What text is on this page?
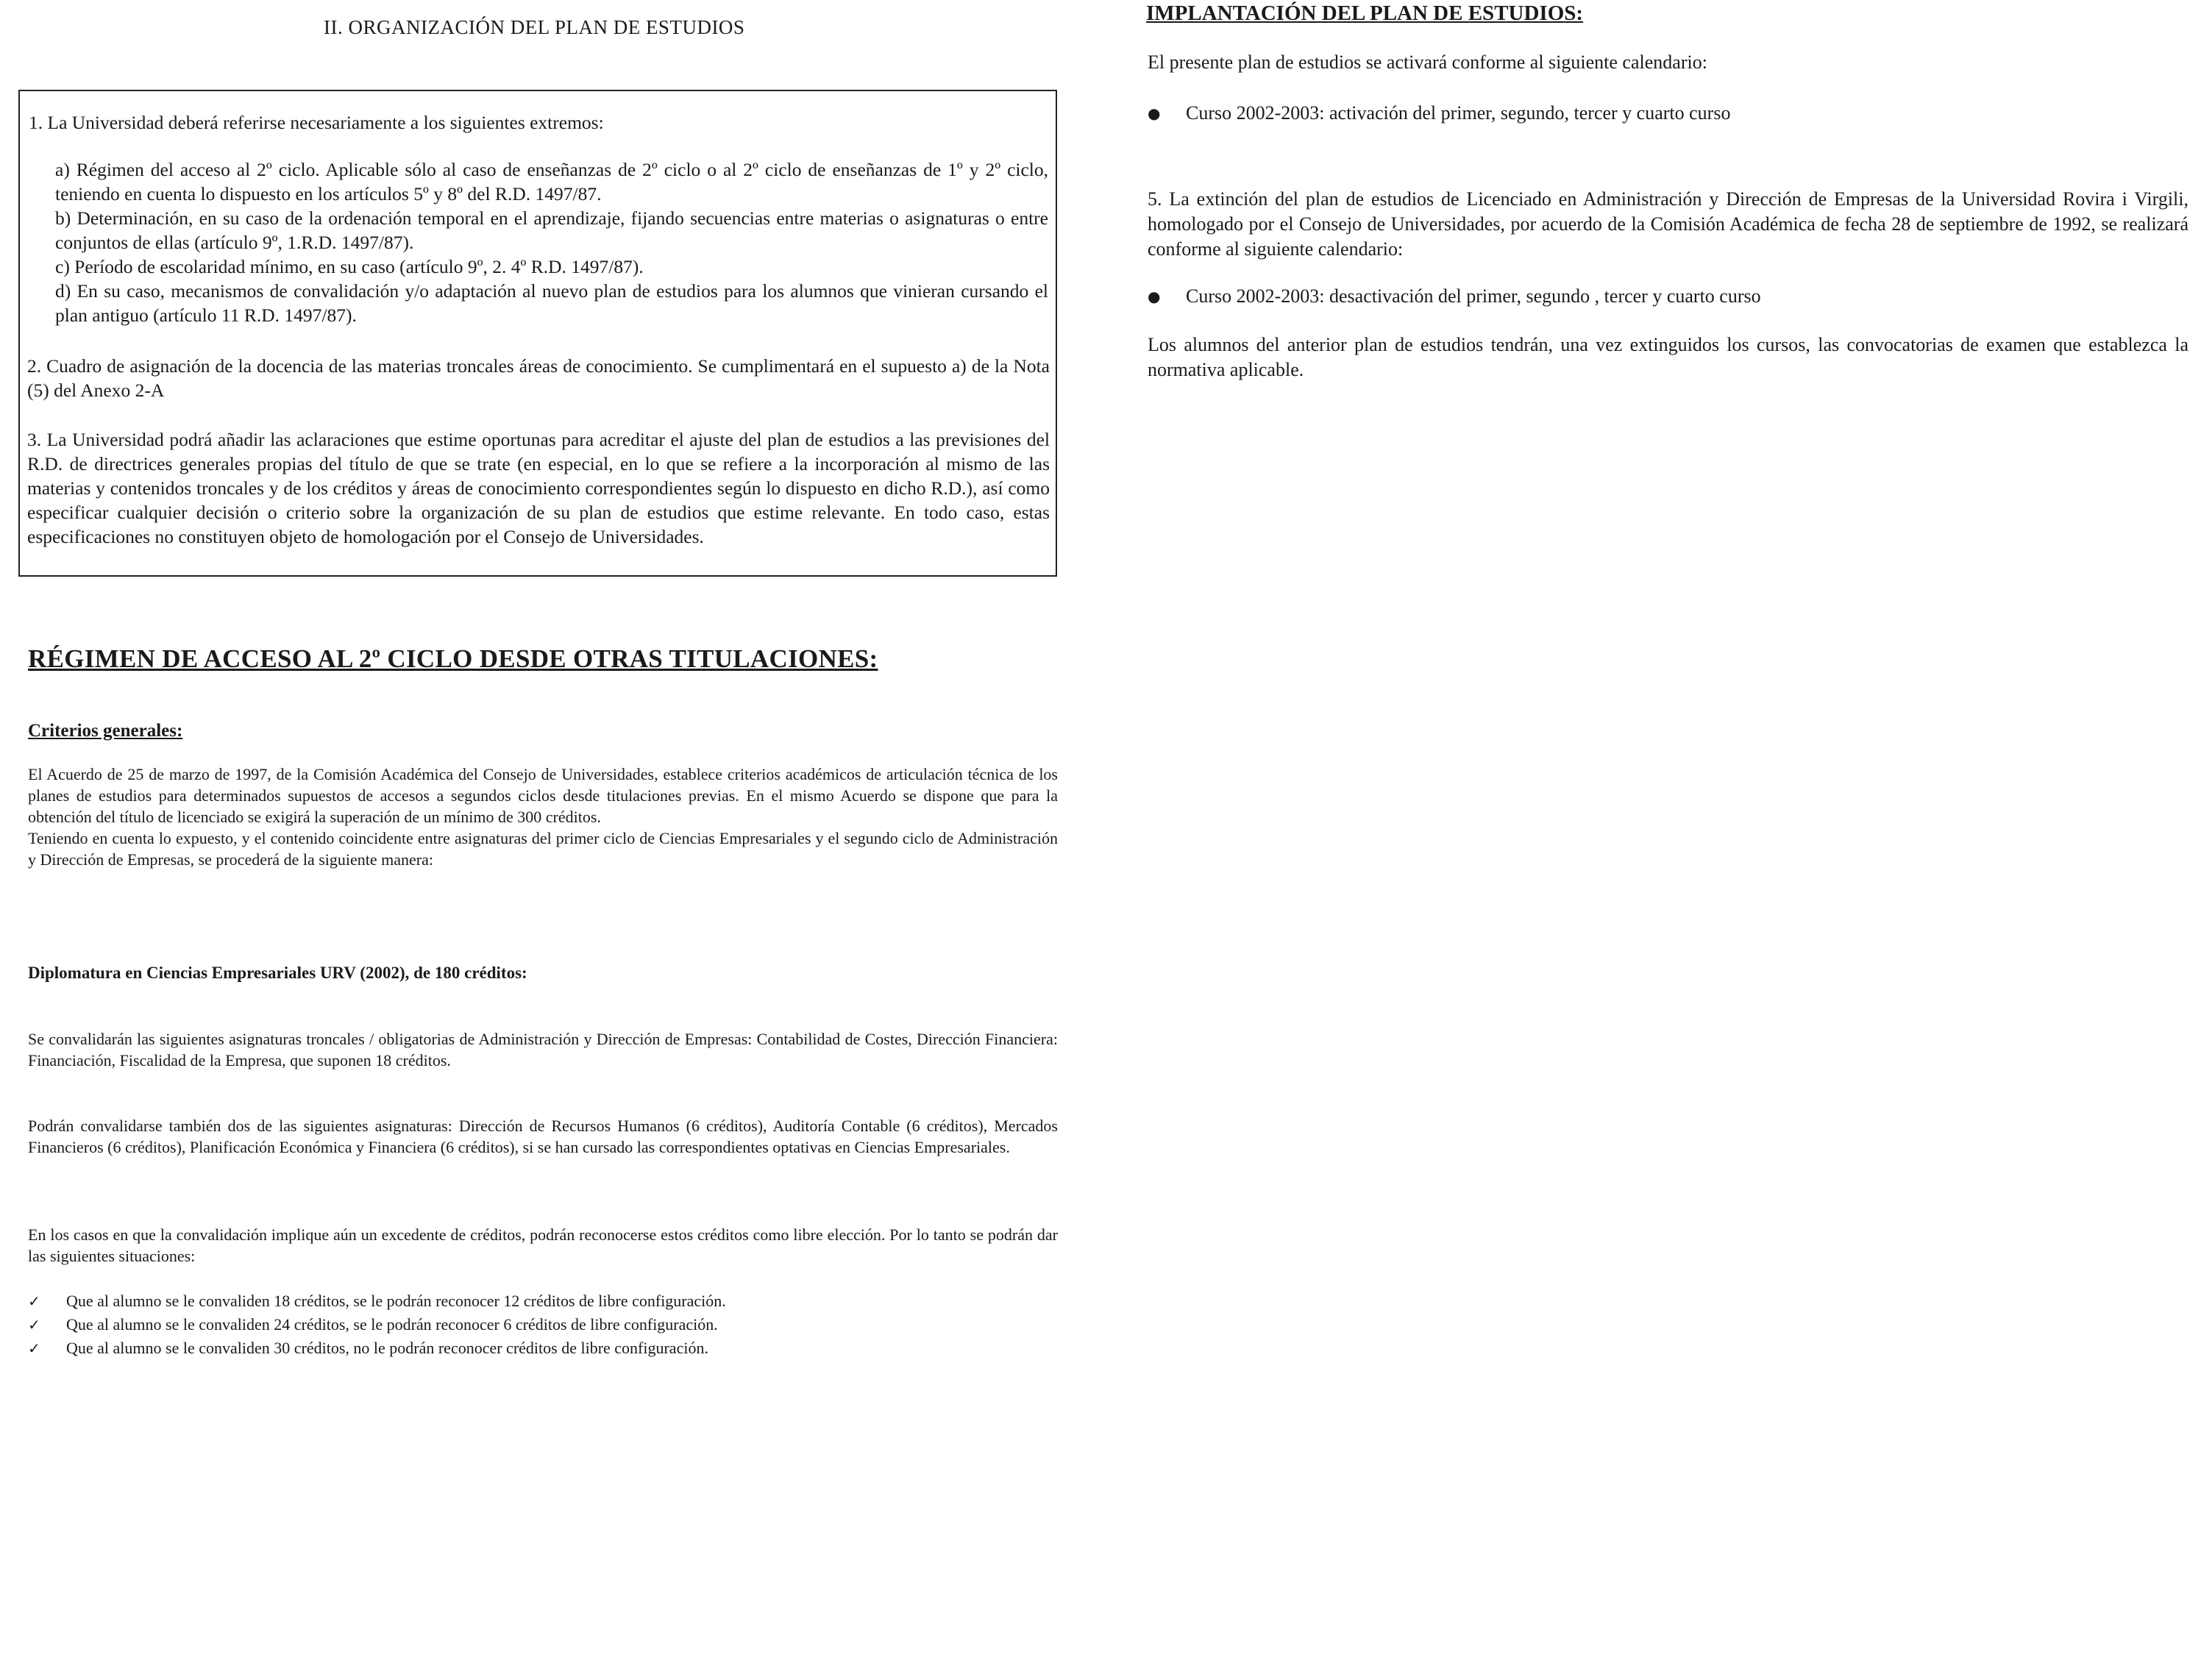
II. ORGANIZACIÓN DEL PLAN DE ESTUDIOS

1. La Universidad deberá referirse necesariamente a los siguientes extremos:

a) Régimen del acceso al 2º ciclo. Aplicable sólo al caso de enseñanzas de 2º ciclo o al 2º ciclo de enseñanzas de 1º y 2º ciclo, teniendo en cuenta lo dispuesto en los artículos 5º y 8º del R.D. 1497/87.

b) Determinación, en su caso de la ordenación temporal en el aprendizaje, fijando secuencias entre materias o asignaturas o entre conjuntos de ellas (artículo 9º, 1.R.D. 1497/87).

c) Período de escolaridad mínimo, en su caso (artículo 9º, 2. 4º R.D. 1497/87).

d) En su caso, mecanismos de convalidación y/o adaptación al nuevo plan de estudios para los alumnos que vinieran cursando el plan antiguo (artículo 11 R.D. 1497/87).

2. Cuadro de asignación de la docencia de las materias troncales áreas de conocimiento. Se cumplimentará en el supuesto a) de la Nota (5) del Anexo 2-A

3. La Universidad podrá añadir las aclaraciones que estime oportunas para acreditar el ajuste del plan de estudios a las previsiones del R.D. de directrices generales propias del título de que se trate (en especial, en lo que se refiere a la incorporación al mismo de las materias y contenidos troncales y de los créditos y áreas de conocimiento correspondientes según lo dispuesto en dicho R.D.), así como especificar cualquier decisión o criterio sobre la organización de su plan de estudios que estime relevante. En todo caso, estas especificaciones no constituyen objeto de homologación por el Consejo de Universidades.

RÉGIMEN DE ACCESO AL 2º CICLO DESDE OTRAS TITULACIONES:

Criterios generales:

El Acuerdo de 25 de marzo de 1997, de la Comisión Académica del Consejo de Universidades, establece criterios académicos de articulación técnica de los planes de estudios para determinados supuestos de accesos a segundos ciclos desde titulaciones previas. En el mismo Acuerdo se dispone que para la obtención del título de licenciado se exigirá la superación de un mínimo de 300 créditos.

Teniendo en cuenta lo expuesto, y el contenido coincidente entre asignaturas del primer ciclo de Ciencias Empresariales y el segundo ciclo de Administración y Dirección de Empresas, se procederá de la siguiente manera:

Diplomatura en Ciencias Empresariales URV (2002), de 180 créditos:

Se convalidarán las siguientes asignaturas troncales / obligatorias de Administración y Dirección de Empresas: Contabilidad de Costes, Dirección Financiera: Financiación, Fiscalidad de la Empresa, que suponen 18 créditos.

Podrán convalidarse también dos de las siguientes asignaturas: Dirección de Recursos Humanos (6 créditos), Auditoría Contable (6 créditos), Mercados Financieros (6 créditos), Planificación Económica y Financiera (6 créditos), si se han cursado las correspondientes optativas en Ciencias Empresariales.

En los casos en que la convalidación implique aún un excedente de créditos, podrán reconocerse estos créditos como libre elección. Por lo tanto se podrán dar las siguientes situaciones:

✓	Que al alumno se le convaliden 18 créditos, se le podrán reconocer 12 créditos de libre configuración.
✓	Que al alumno se le convaliden 24 créditos, se le podrán reconocer 6 créditos de libre configuración.
✓	Que al alumno se le convaliden 30 créditos, no le podrán reconocer créditos de libre configuración.

IMPLANTACIÓN DEL PLAN DE ESTUDIOS:

El presente plan de estudios se activará conforme al siguiente calendario:

●	Curso 2002-2003: activación del primer, segundo, tercer y cuarto curso

5. La extinción del plan de estudios de Licenciado en Administración y Dirección de Empresas de la Universidad Rovira i Virgili, homologado por el Consejo de Universidades, por acuerdo de la Comisión Académica de fecha 28 de septiembre de 1992, se realizará conforme al siguiente calendario:

●	Curso 2002-2003: desactivación del primer, segundo , tercer y cuarto curso

Los alumnos del anterior plan de estudios tendrán, una vez extinguidos los cursos, las convocatorias de examen que establezca la normativa aplicable.
